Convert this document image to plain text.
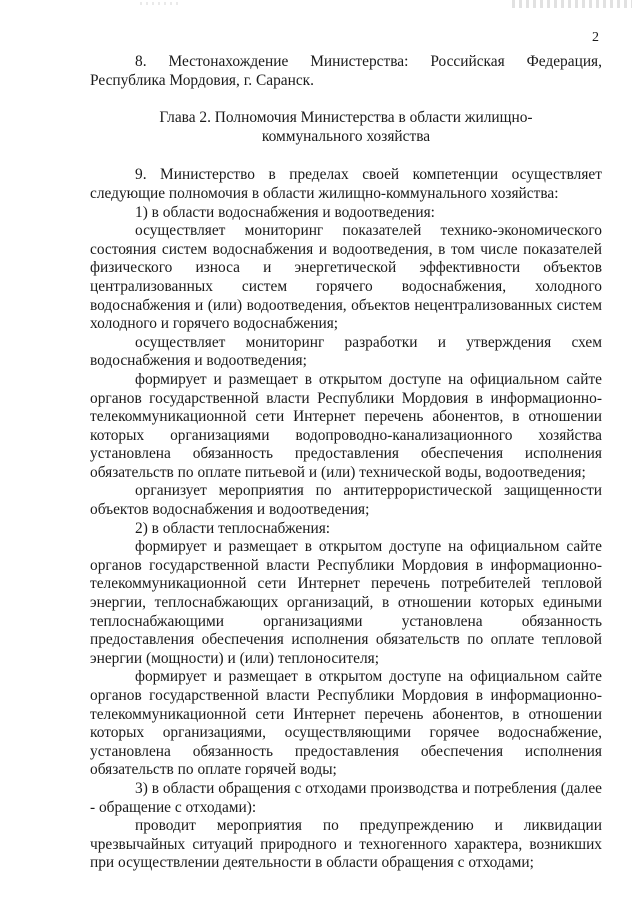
2

8. Местонахождение Министерства: Российская Федерация, Республика Мордовия, г. Саранск.

Глава 2. Полномочия Министерства в области жилищно-коммунального хозяйства

9. Министерство в пределах своей компетенции осуществляет следующие полномочия в области жилищно-коммунального хозяйства:

1) в области водоснабжения и водоотведения:

осуществляет мониторинг показателей технико-экономического состояния систем водоснабжения и водоотведения, в том числе показателей физического износа и энергетической эффективности объектов централизованных систем горячего водоснабжения, холодного водоснабжения и (или) водоотведения, объектов нецентрализованных систем холодного и горячего водоснабжения;

осуществляет мониторинг разработки и утверждения схем водоснабжения и водоотведения;

формирует и размещает в открытом доступе на официальном сайте органов государственной власти Республики Мордовия в информационно-телекоммуникационной сети Интернет перечень абонентов, в отношении которых организациями водопроводно-канализационного хозяйства установлена обязанность предоставления обеспечения исполнения обязательств по оплате питьевой и (или) технической воды, водоотведения;

организует мероприятия по антитеррористической защищенности объектов водоснабжения и водоотведения;

2) в области теплоснабжения:

формирует и размещает в открытом доступе на официальном сайте органов государственной власти Республики Мордовия в информационно-телекоммуникационной сети Интернет перечень потребителей тепловой энергии, теплоснабжающих организаций, в отношении которых едиными теплоснабжающими организациями установлена обязанность предоставления обеспечения исполнения обязательств по оплате тепловой энергии (мощности) и (или) теплоносителя;

формирует и размещает в открытом доступе на официальном сайте органов государственной власти Республики Мордовия в информационно-телекоммуникационной сети Интернет перечень абонентов, в отношении которых организациями, осуществляющими горячее водоснабжение, установлена обязанность предоставления обеспечения исполнения обязательств по оплате горячей воды;

3) в области обращения с отходами производства и потребления (далее - обращение с отходами):

проводит мероприятия по предупреждению и ликвидации чрезвычайных ситуаций природного и техногенного характера, возникших при осуществлении деятельности в области обращения с отходами;
